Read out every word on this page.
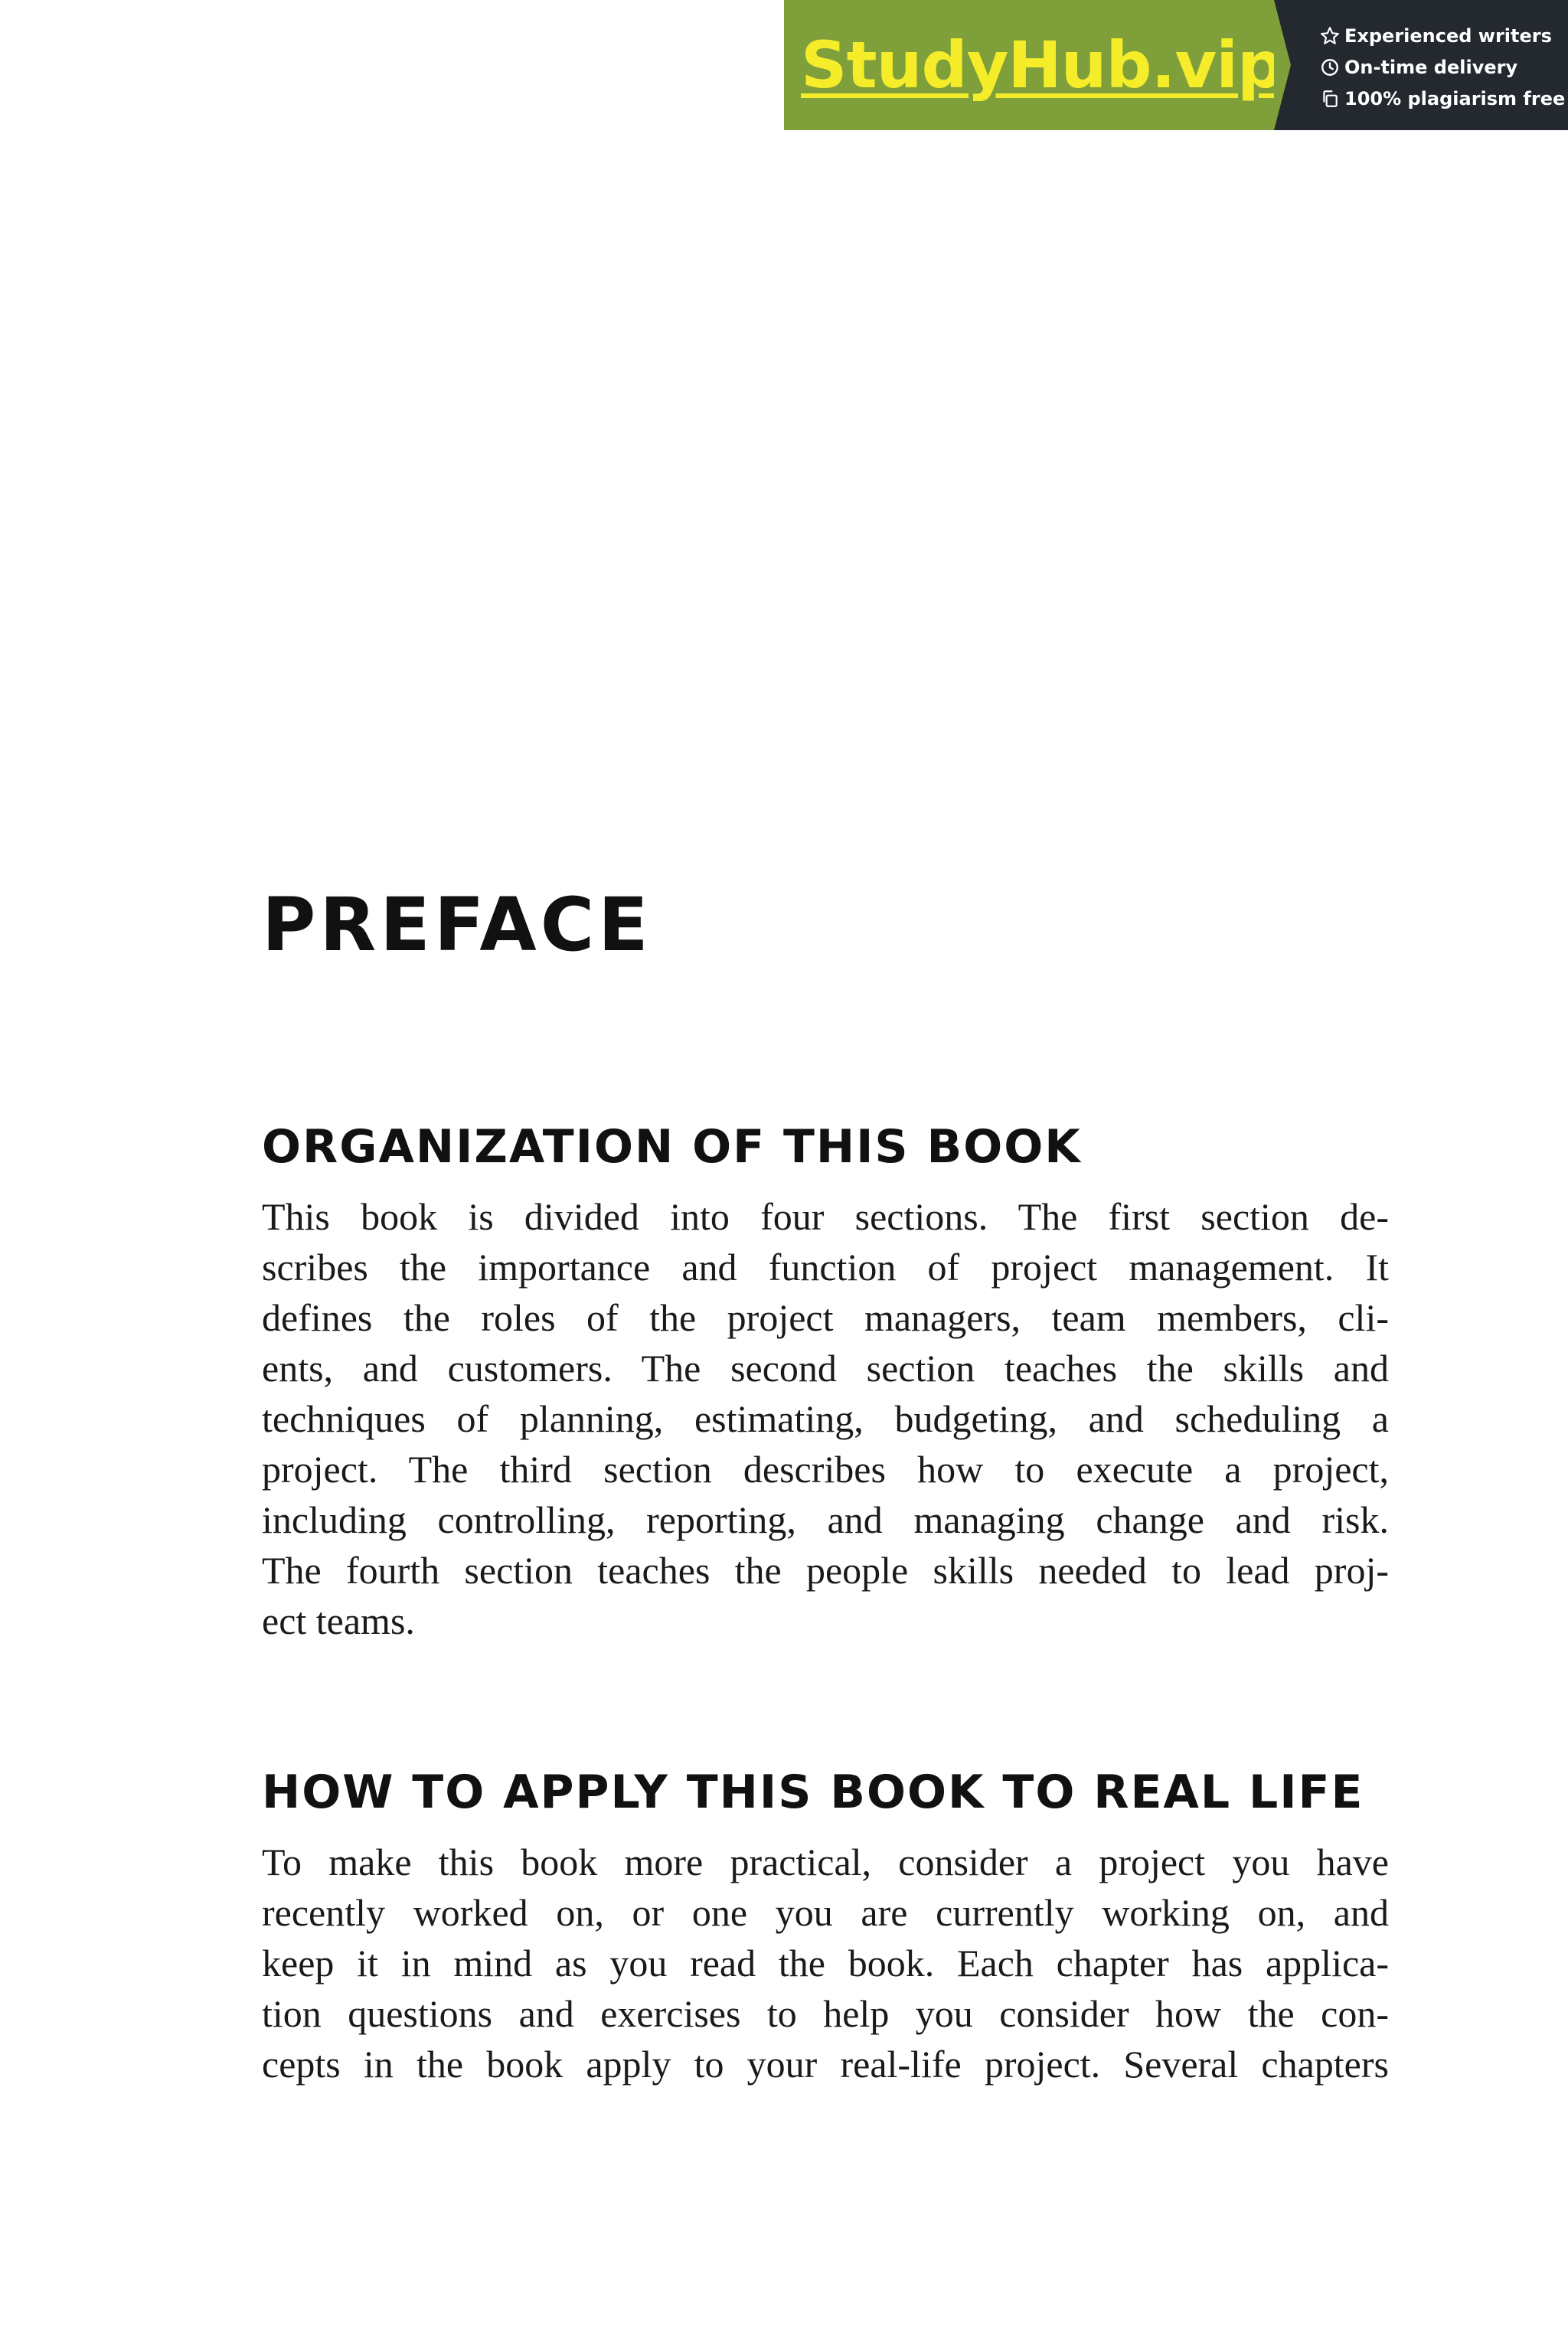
StudyHub.vip	Experienced writers
On-time delivery
100% plagiarism free
PREFACE
ORGANIZATION OF THIS BOOK

This book is divided into four sections. The first section de-
scribes the importance and function of project management. It
defines the roles of the project managers, team members, cli-
ents, and customers. The second section teaches the skills and
techniques of planning, estimating, budgeting, and scheduling a
project. The third section describes how to execute a project,
including controlling, reporting, and managing change and risk.
The fourth section teaches the people skills needed to lead proj-
ect teams.

HOW TO APPLY THIS BOOK TO REAL LIFE

To make this book more practical, consider a project you have
recently worked on, or one you are currently working on, and
keep it in mind as you read the book. Each chapter has applica-
tion questions and exercises to help you consider how the con-
cepts in the book apply to your real-life project. Several chapters
